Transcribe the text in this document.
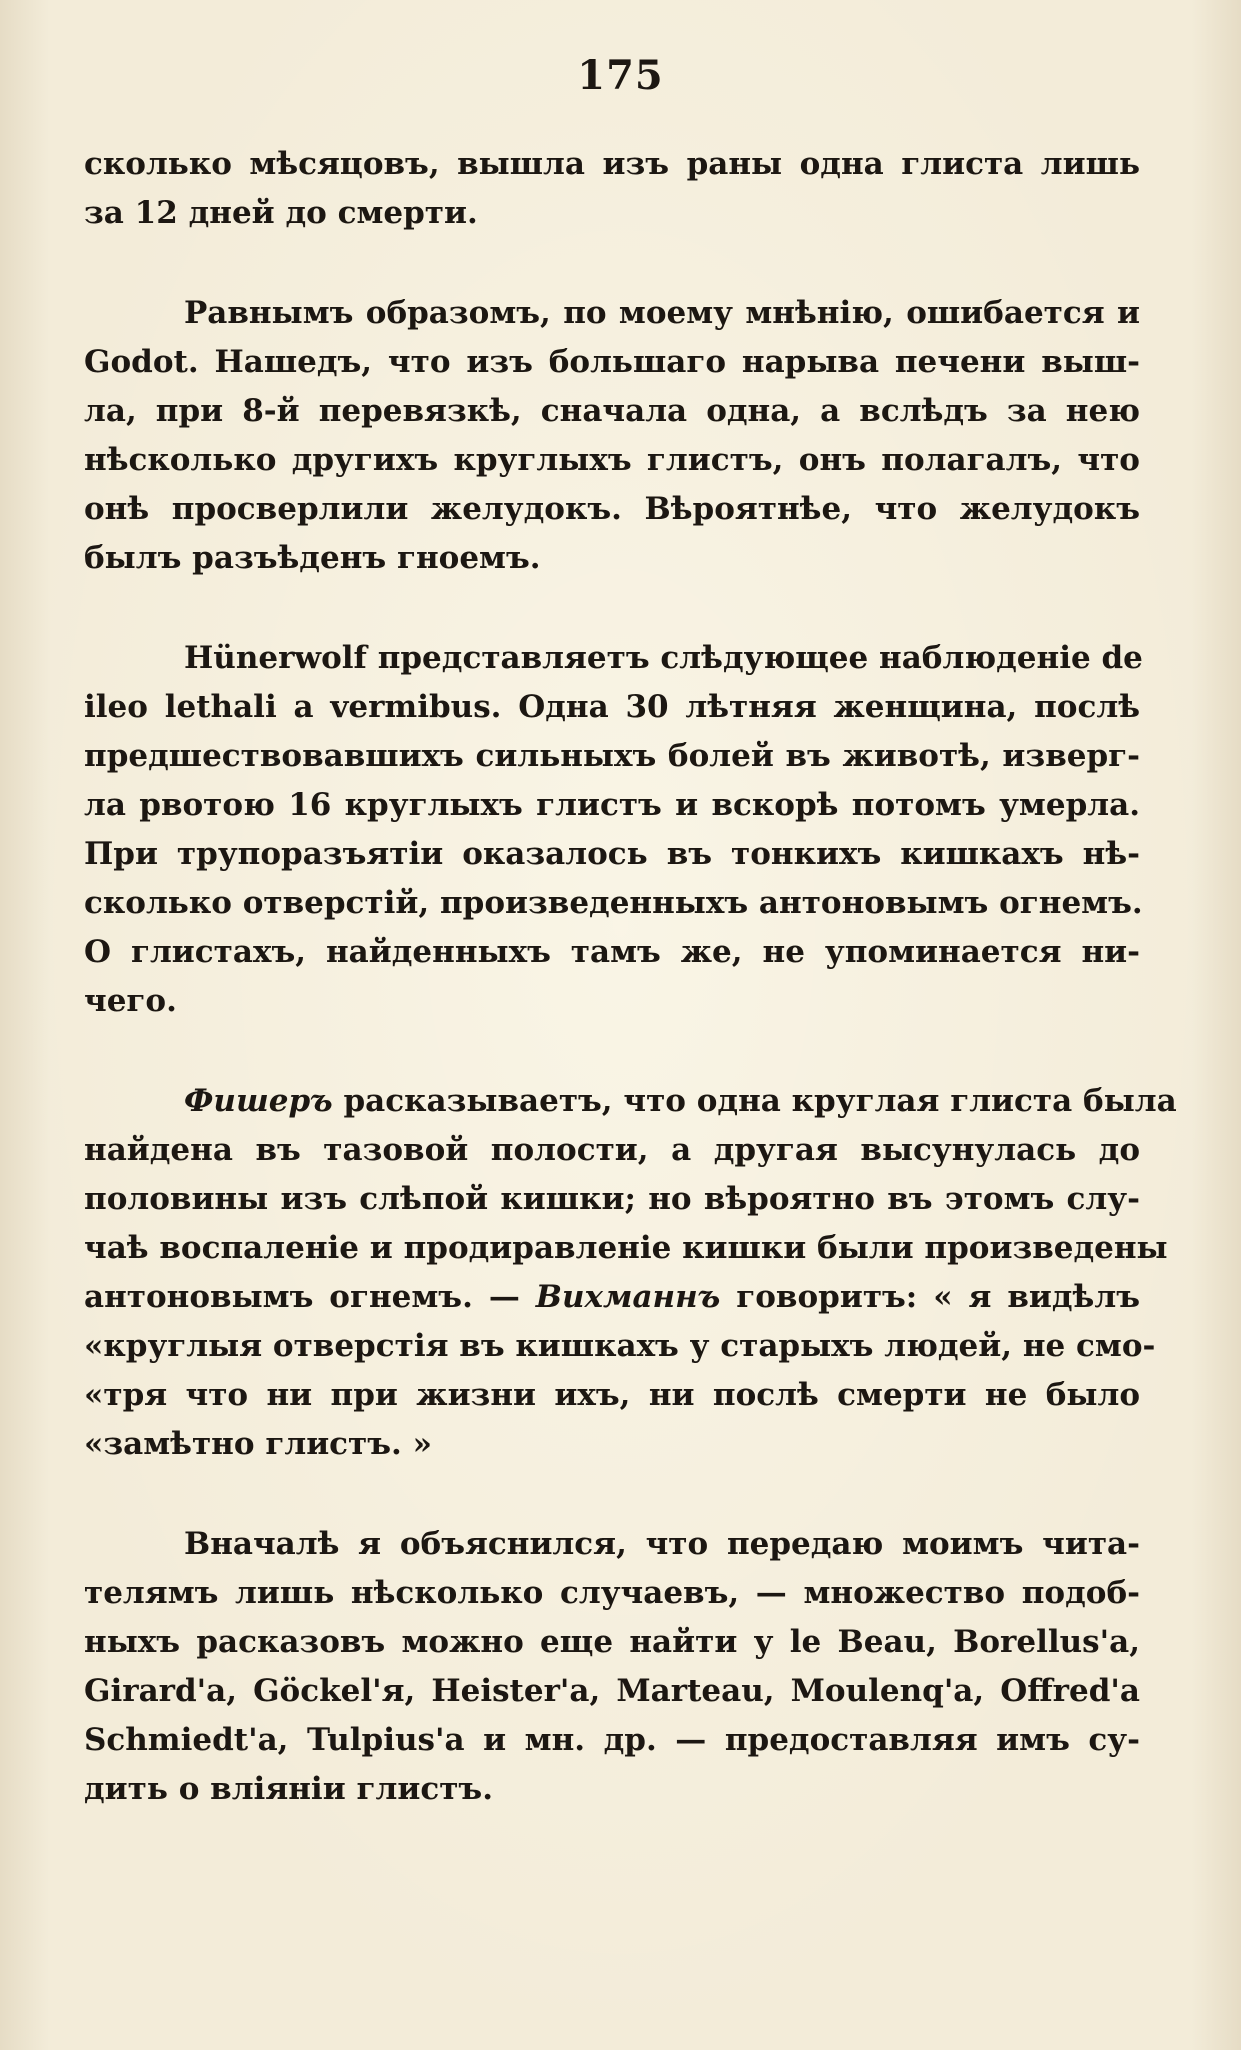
175
сколько мѣсяцовъ, вышла изъ раны одна глиста лишь
за 12 дней до смерти.
Равнымъ образомъ, по моему мнѣнію, ошибается и
Godot. Нашедъ, что изъ большаго нарыва печени выш-
ла, при 8-й перевязкѣ, сначала одна, а вслѣдъ за нею
нѣсколько другихъ круглыхъ глистъ, онъ полагалъ, что
онѣ просверлили желудокъ. Вѣроятнѣе, что желудокъ
былъ разъѣденъ гноемъ.
Hünerwolf представляетъ слѣдующее наблюденіе de
ileo lethali a vermibus. Одна 30 лѣтняя женщина, послѣ
предшествовавшихъ сильныхъ болей въ животѣ, изверг-
ла рвотою 16 круглыхъ глистъ и вскорѣ потомъ умерла.
При трупоразъятіи оказалось въ тонкихъ кишкахъ нѣ-
сколько отверстій, произведенныхъ антоновымъ огнемъ.
О глистахъ, найденныхъ тамъ же, не упоминается ни-
чего.
Фишеръ расказываетъ, что одна круглая глиста была
найдена въ тазовой полости, а другая высунулась до
половины изъ слѣпой кишки; но вѣроятно въ этомъ слу-
чаѣ воспаленіе и продиравленіе кишки были произведены
антоновымъ огнемъ. — Вихманнъ говоритъ: « я видѣлъ
«круглыя отверстія въ кишкахъ у старыхъ людей, не смо-
«тря что ни при жизни ихъ, ни послѣ смерти не было
«замѣтно глистъ. »
Вначалѣ я объяснился, что передаю моимъ чита-
телямъ лишь нѣсколько случаевъ, — множество подоб-
ныхъ расказовъ можно еще найти у le Beau, Borellus'а,
Girard'а, Göckel'я, Heister'а, Marteau, Moulenq'а, Offred'а
Schmiedt'а, Tulpius'а и мн. др. — предоставляя имъ су-
дить о вліяніи глистъ.
